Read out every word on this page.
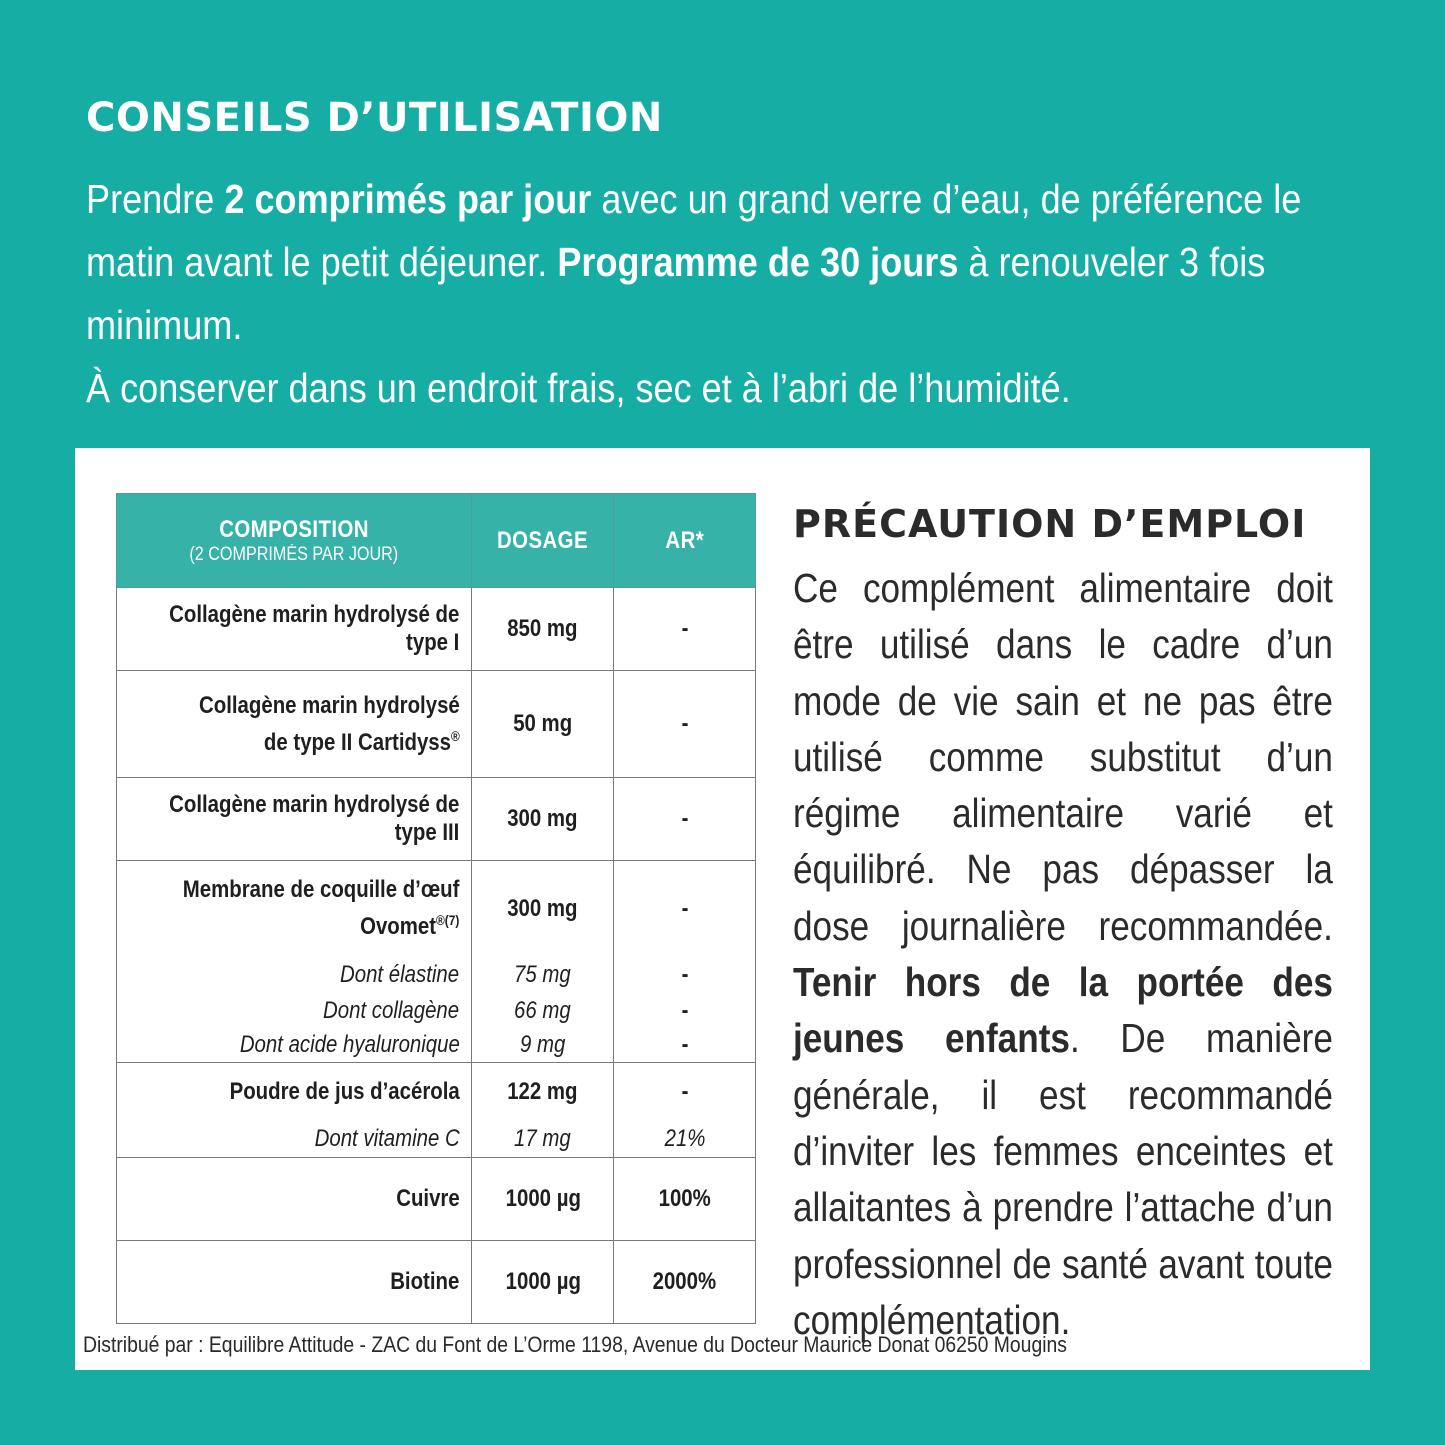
CONSEILS D’UTILISATION
Prendre 2 comprimés par jour avec un grand verre d’eau, de préférence le matin avant le petit déjeuner. Programme de 30 jours à renouveler 3 fois minimum.
À conserver dans un endroit frais, sec et à l’abri de l’humidité.
COMPOSITION
(2 COMPRIMÉS PAR JOUR)	DOSAGE	AR*

Collagène marin hydrolysé de type I	850 mg	-
Collagène marin hydrolysé
de type II Cartidyss®	50 mg	-
Collagène marin hydrolysé de type III	300 mg	-
Membrane de coquille d’œuf
Ovomet$^{®(7)}$	300 mg	-
Dont élastine	75 mg	-
Dont collagène	66 mg	-
Dont acide hyaluronique	9 mg	-
Poudre de jus d’acérola	122 mg	-
Dont vitamine C	17 mg	21%
Cuivre	1000 µg	100%
Biotine	1000 µg	2000%
PRÉCAUTION D’EMPLOI
Ce complément alimentaire doit être utilisé dans le cadre d’un mode de vie sain et ne pas être utilisé comme substitut d’un régime alimentaire varié et équilibré. Ne pas dépasser la dose journalière recommandée. Tenir hors de la portée des jeunes enfants. De manière générale, il est recommandé d’inviter les femmes enceintes et allaitantes à prendre l’attache d’un professionnel de santé avant toute complémentation.
Distribué par : Equilibre Attitude - ZAC du Font de L’Orme 1198, Avenue du Docteur Maurice Donat 06250 Mougins
